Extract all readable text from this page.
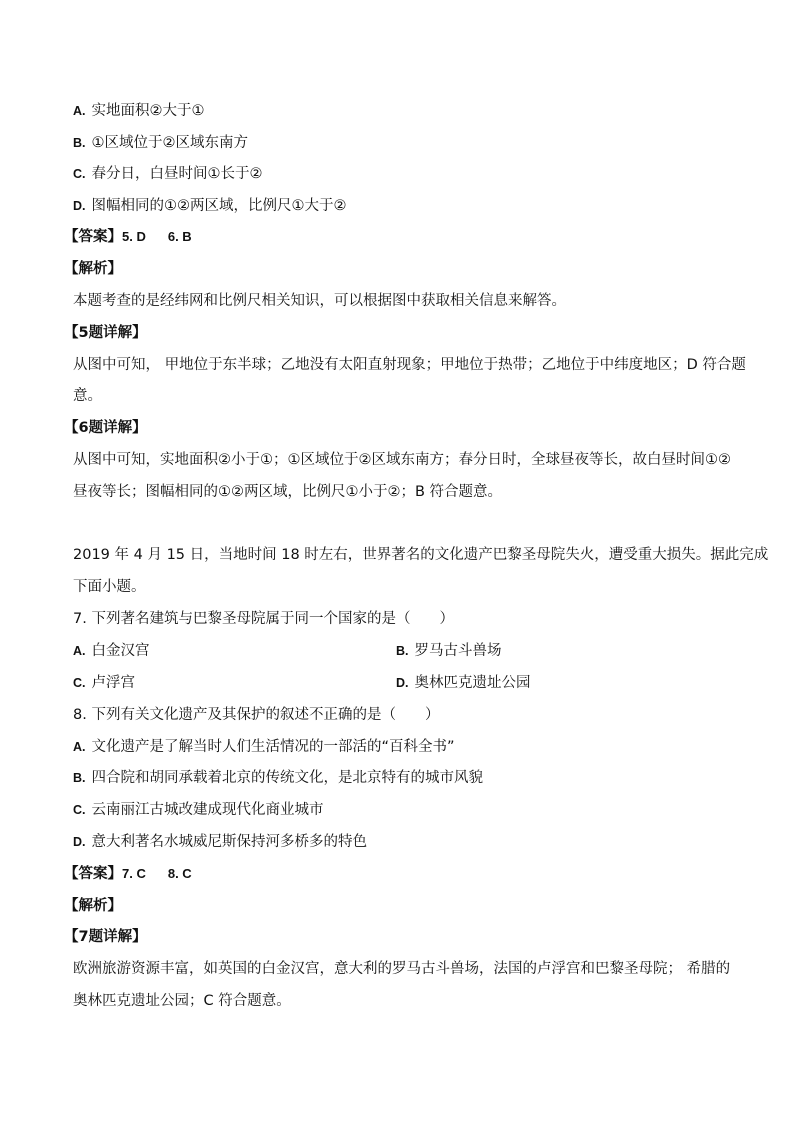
A. 实地面积②大于①
B. ①区域位于②区域东南方
C. 春分日，白昼时间①长于②
D. 图幅相同的①②两区域，比例尺①大于②
【答案】5. D 6. B
【解析】
本题考查的是经纬网和比例尺相关知识，可以根据图中获取相关信息来解答。
【5题详解】
从图中可知， 甲地位于东半球；乙地没有太阳直射现象；甲地位于热带；乙地位于中纬度地区；D 符合题
意。
【6题详解】
从图中可知，实地面积②小于①；①区域位于②区域东南方；春分日时，全球昼夜等长，故白昼时间①②
昼夜等长；图幅相同的①②两区域，比例尺①小于②；B 符合题意。
2019 年 4 月 15 日，当地时间 18 时左右，世界著名的文化遗产巴黎圣母院失火，遭受重大损失。据此完成
下面小题。
7. 下列著名建筑与巴黎圣母院属于同一个国家的是（　　）
A. 白金汉宫	B. 罗马古斗兽场
C. 卢浮宫	D. 奥林匹克遗址公园
8. 下列有关文化遗产及其保护的叙述不正确的是（　　）
A. 文化遗产是了解当时人们生活情况的一部活的“百科全书”
B. 四合院和胡同承载着北京的传统文化，是北京特有的城市风貌
C. 云南丽江古城改建成现代化商业城市
D. 意大利著名水城威尼斯保持河多桥多的特色
【答案】7. C 8. C
【解析】
【7题详解】
欧洲旅游资源丰富，如英国的白金汉宫，意大利的罗马古斗兽场，法国的卢浮宫和巴黎圣母院； 希腊的
奥林匹克遗址公园；C 符合题意。
